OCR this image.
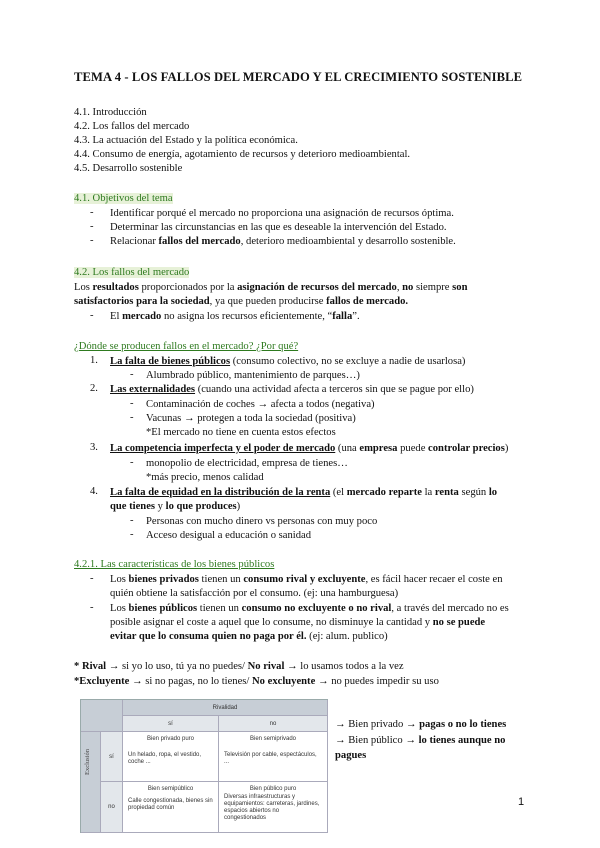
TEMA 4 - LOS FALLOS DEL MERCADO Y EL CRECIMIENTO SOSTENIBLE
4.1. Introducción
4.2. Los fallos del mercado
4.3. La actuación del Estado y la política económica.
4.4. Consumo de energía, agotamiento de recursos y deterioro medioambiental.
4.5. Desarrollo sostenible
4.1. Objetivos del tema
- Identificar porqué el mercado no proporciona una asignación de recursos óptima.
- Determinar las circunstancias en las que es deseable la intervención del Estado.
- Relacionar fallos del mercado, deterioro medioambiental y desarrollo sostenible.
4.2. Los fallos del mercado
Los resultados proporcionados por la asignación de recursos del mercado, no siempre son
satisfactorios para la sociedad, ya que pueden producirse fallos de mercado.
- El mercado no asigna los recursos eficientemente, “falla”.
¿Dónde se producen fallos en el mercado? ¿Por qué?
1. La falta de bienes públicos (consumo colectivo, no se excluye a nadie de usarlosa)
- Alumbrado público, mantenimiento de parques…)
2. Las externalidades (cuando una actividad afecta a terceros sin que se pague por ello)
- Contaminación de coches → afecta a todos (negativa)
- Vacunas → protegen a toda la sociedad (positiva)
*El mercado no tiene en cuenta estos efectos
3. La competencia imperfecta y el poder de mercado (una empresa puede controlar precios)
- monopolio de electricidad, empresa de tienes…
*más precio, menos calidad
4. La falta de equidad en la distribución de la renta (el mercado reparte la renta según lo
que tienes y lo que produces)
- Personas con mucho dinero vs personas con muy poco
- Acceso desigual a educación o sanidad
4.2.1. Las características de los bienes públicos
- Los bienes privados tienen un consumo rival y excluyente, es fácil hacer recaer el coste en
quién obtiene la satisfacción por el consumo. (ej: una hamburguesa)
- Los bienes públicos tienen un consumo no excluyente o no rival, a través del mercado no es
posible asignar el coste a aquel que lo consume, no disminuye la cantidad y no se puede
evitar que lo consuma quien no paga por él. (ej: alum. publico)
* Rival → si yo lo uso, tú ya no puedes/ No rival → lo usamos todos a la vez
*Excluyente → si no pagas, no lo tienes/ No excluyente → no puedes impedir su uso
Rivalidad
sí	no
sí
no
Bien privado puro
Un helado, ropa, el vestido, coche ...
Bien semiprivado
Televisión por cable, espectáculos, ...
Bien semipúblico
Calle congestionada, bienes sin propiedad común
Bien público puro
Diversas infraestructuras y equipamientos: carreteras, jardines, espacios abiertos no congestionados
Exclusión
→ Bien privado → pagas o no lo tienes
→ Bien público → lo tienes aunque no
pagues
1
